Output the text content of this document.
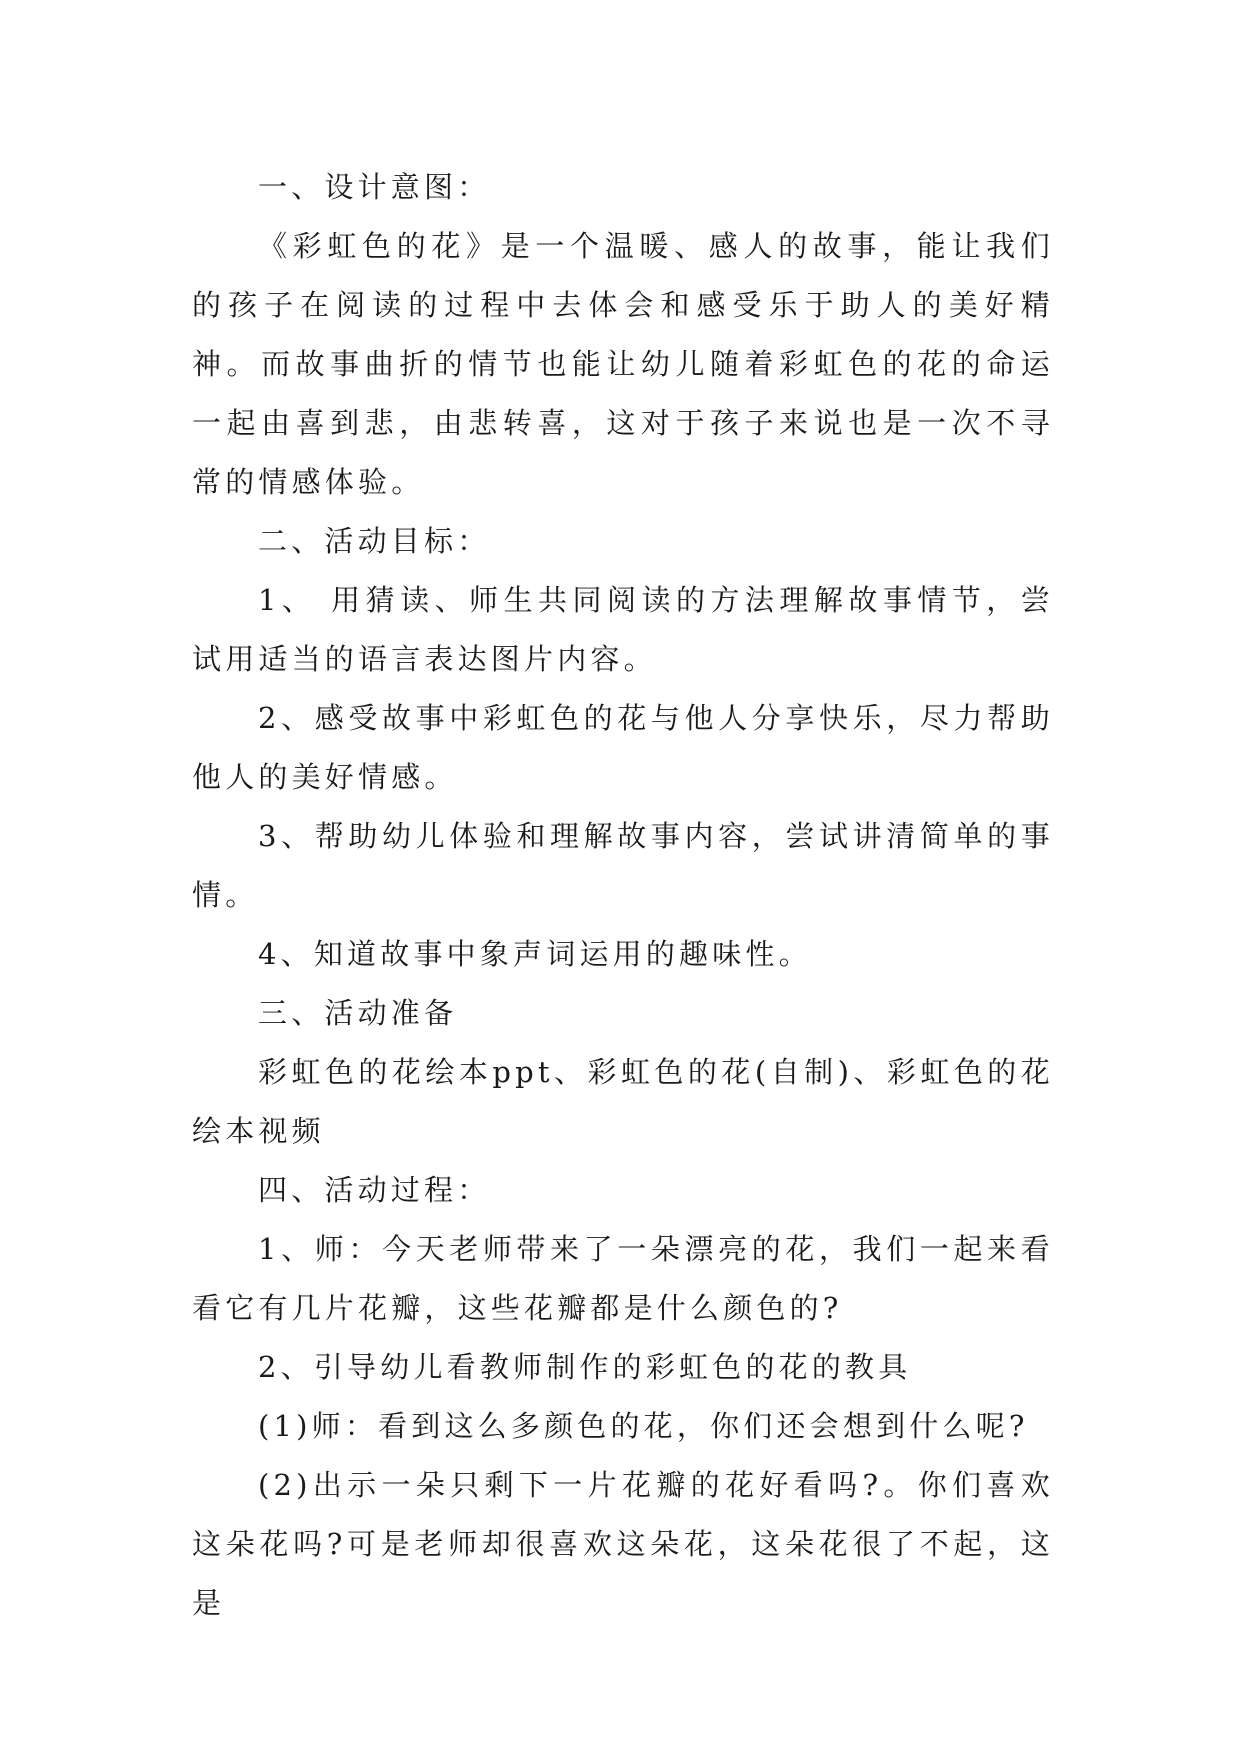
一、设计意图：

《彩虹色的花》是一个温暖、感人的故事，能让我们的孩子在阅读的过程中去体会和感受乐于助人的美好精神。而故事曲折的情节也能让幼儿随着彩虹色的花的命运一起由喜到悲，由悲转喜，这对于孩子来说也是一次不寻常的情感体验。

二、活动目标：

1、 用猜读、师生共同阅读的方法理解故事情节，尝试用适当的语言表达图片内容。

2、感受故事中彩虹色的花与他人分享快乐，尽力帮助他人的美好情感。

3、帮助幼儿体验和理解故事内容，尝试讲清简单的事情。

4、知道故事中象声词运用的趣味性。

三、活动准备

彩虹色的花绘本ppt、彩虹色的花(自制)、彩虹色的花绘本视频

四、活动过程：

1、师：今天老师带来了一朵漂亮的花，我们一起来看看它有几片花瓣，这些花瓣都是什么颜色的?

2、引导幼儿看教师制作的彩虹色的花的教具

(1)师：看到这么多颜色的花，你们还会想到什么呢?

(2)出示一朵只剩下一片花瓣的花好看吗?。你们喜欢这朵花吗?可是老师却很喜欢这朵花，这朵花很了不起，这是
